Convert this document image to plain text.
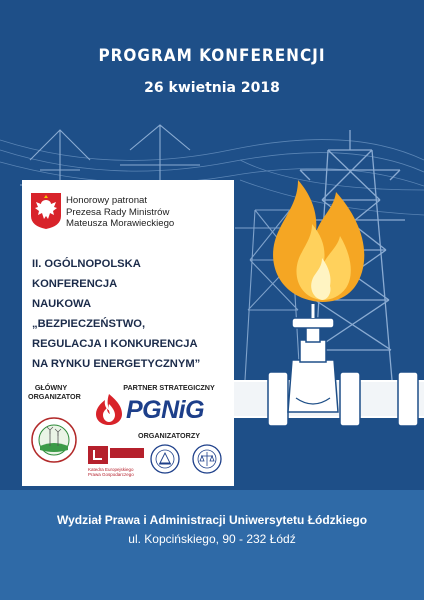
PROGRAM KONFERENCJI
26 kwietnia 2018
Honorowy patronat
Prezesa Rady Ministrów
Mateusza Morawieckiego
II. OGÓLNOPOLSKA
KONFERENCJA
NAUKOWA
„BEZPIECZEŃSTWO,
REGULACJA I KONKURENCJA
NA RYNKU ENERGETYCZNYM”
GŁÓWNY
ORGANIZATOR
PARTNER STRATEGICZNY
PGNiG
ORGANIZATORZY
Katedra Europejskiego
Prawa Gospodarczego
Wydział Prawa i Administracji Uniwersytetu Łódzkiego
ul. Kopcińskiego, 90 - 232 Łódź
